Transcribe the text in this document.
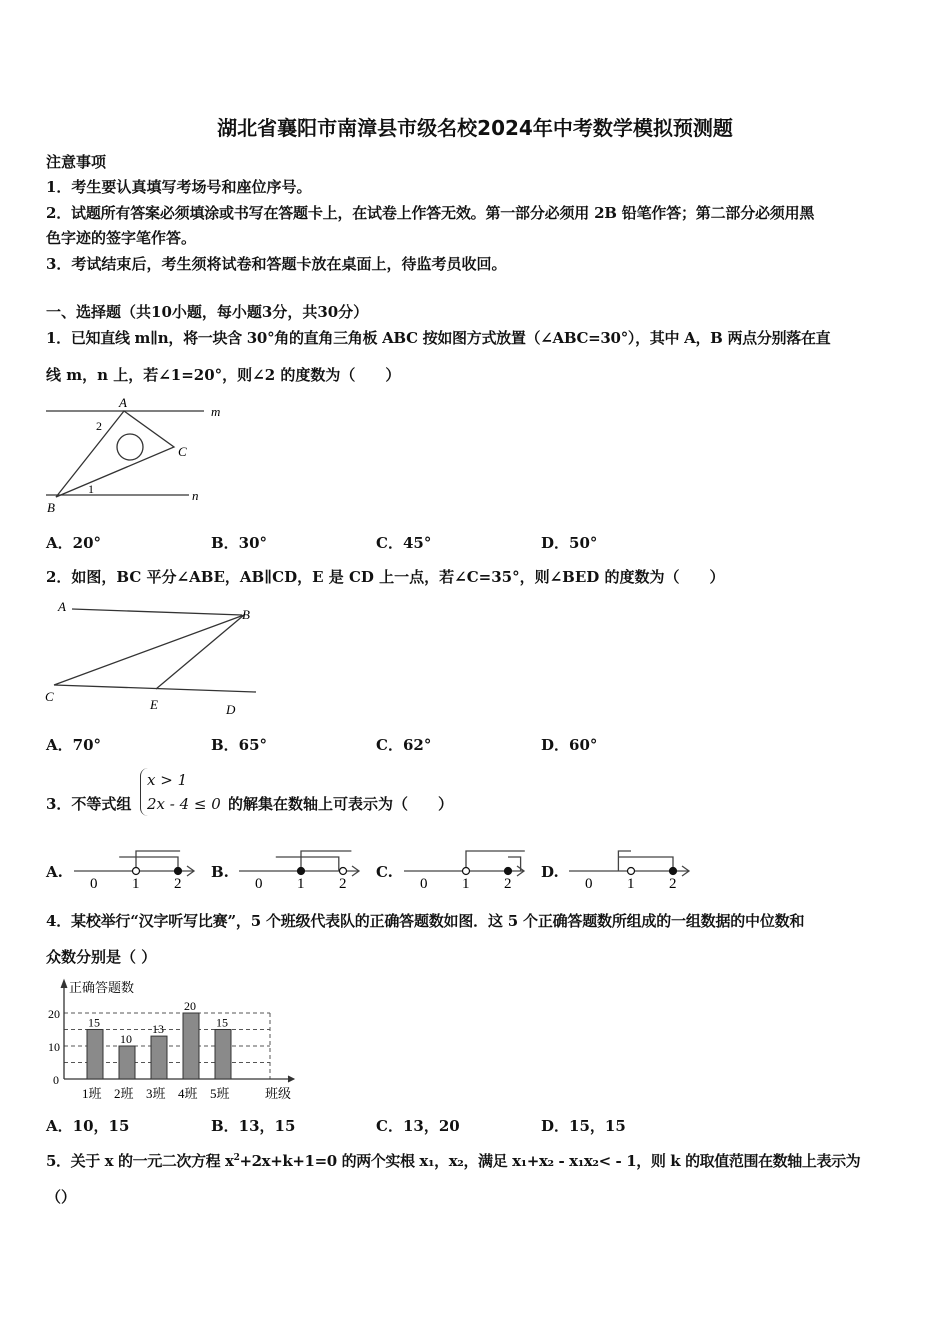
湖北省襄阳市南漳县市级名校2024年中考数学模拟预测题
注意事项
1．考生要认真填写考场号和座位序号。
2．试题所有答案必须填涂或书写在答题卡上，在试卷上作答无效。第一部分必须用 2B 铅笔作答；第二部分必须用黑
色字迹的签字笔作答。
3．考试结束后，考生须将试卷和答题卡放在桌面上，待监考员收回。
一、选择题（共10小题，每小题3分，共30分）
1．已知直线 m∥n，将一块含 30°角的直角三角板 ABC 按如图方式放置（∠ABC=30°），其中 A，B 两点分别落在直
线 m，n 上，若∠1=20°，则∠2 的度数为（　　）
A
B
C
m
n
1
2
A．20°	B．30°	C．45°	D．50°
2．如图，BC 平分∠ABE，AB∥CD，E 是 CD 上一点，若∠C=35°，则∠BED 的度数为（　　）
A
B
C
E	D
A．70°	B．65°	C．62°	D．60°
3．不等式组
x > 1
2x - 4 ≤ 0 的解集在数轴上可表示为（　　）
A.
0 1 2
B.
0 1 2
C.
0 1 2
D.
0 1 2
4．某校举行“汉字听写比赛”，5 个班级代表队的正确答题数如图．这 5 个正确答题数所组成的一组数据的中位数和
众数分别是（ ）
正确答题数
班级
0
10
20
15
1班
10
2班
13
3班
20
4班
15
5班
A．10，15	B．13，15	C．13，20	D．15，15
5．关于 x 的一元二次方程 $x^2+2x+k+1=0$ 的两个实根 x₁，x₂，满足 x₁+x₂ - x₁x₂< - 1，则 k 的取值范围在数轴上表示为
（）
